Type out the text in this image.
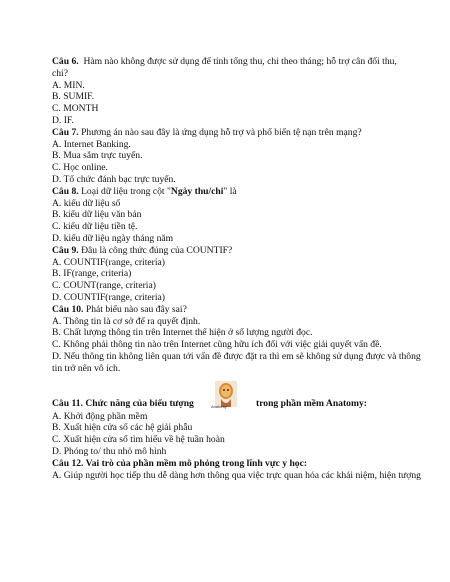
Câu 6. Hàm nào không được sử dụng để tính tổng thu, chi theo tháng; hỗ trợ cân đối thu,
chi?
A. MIN.
B. SUMIF.
C. MONTH
D. IF.
Câu 7. Phương án nào sau đây là ứng dụng hỗ trợ và phổ biến tệ nạn trên mạng?
A. Internet Banking.
B. Mua sắm trực tuyến.
C. Học online.
D. Tổ chức đánh bạc trực tuyến.
Câu 8. Loại dữ liệu trong cột "Ngày thu/chi" là
A. kiểu dữ liệu số
B. kiểu dữ liệu văn bản
C. kiểu dữ liệu tiền tệ.
D. kiểu dữ liệu ngày tháng năm
Câu 9. Đâu là công thức đúng của COUNTIF?
A. COUNTIF(range, criteria)
B. IF(range, criteria)
C. COUNT(range, criteria)
D. COUNTIF(range, criteria)
Câu 10. Phát biểu nào sau đây sai?
A. Thông tin là cơ sở để ra quyết định.
B. Chất lượng thông tin trên Internet thể hiện ở số lượng người đọc.
C. Không phải thông tin nào trên Internet cũng hữu ích đối với việc giải quyết vấn đề.
D. Nếu thông tin không liên quan tới vấn đề được đặt ra thì em sẽ không sử dụng được và thông tin trở nên vô ích.
Câu 11. Chức năng của biểu tượng	Anatomy	trong phần mềm Anatomy:
A. Khởi động phần mềm
B. Xuất hiện cửa sổ các hệ giải phẫu
C. Xuất hiện cửa sổ tìm hiểu về hệ tuần hoàn
D. Phóng to/ thu nhỏ mô hình
Câu 12. Vai trò của phần mềm mô phỏng trong lĩnh vực y học:
A. Giúp người học tiếp thu dễ dàng hơn thông qua việc trực quan hóa các khái niệm, hiện tượng
